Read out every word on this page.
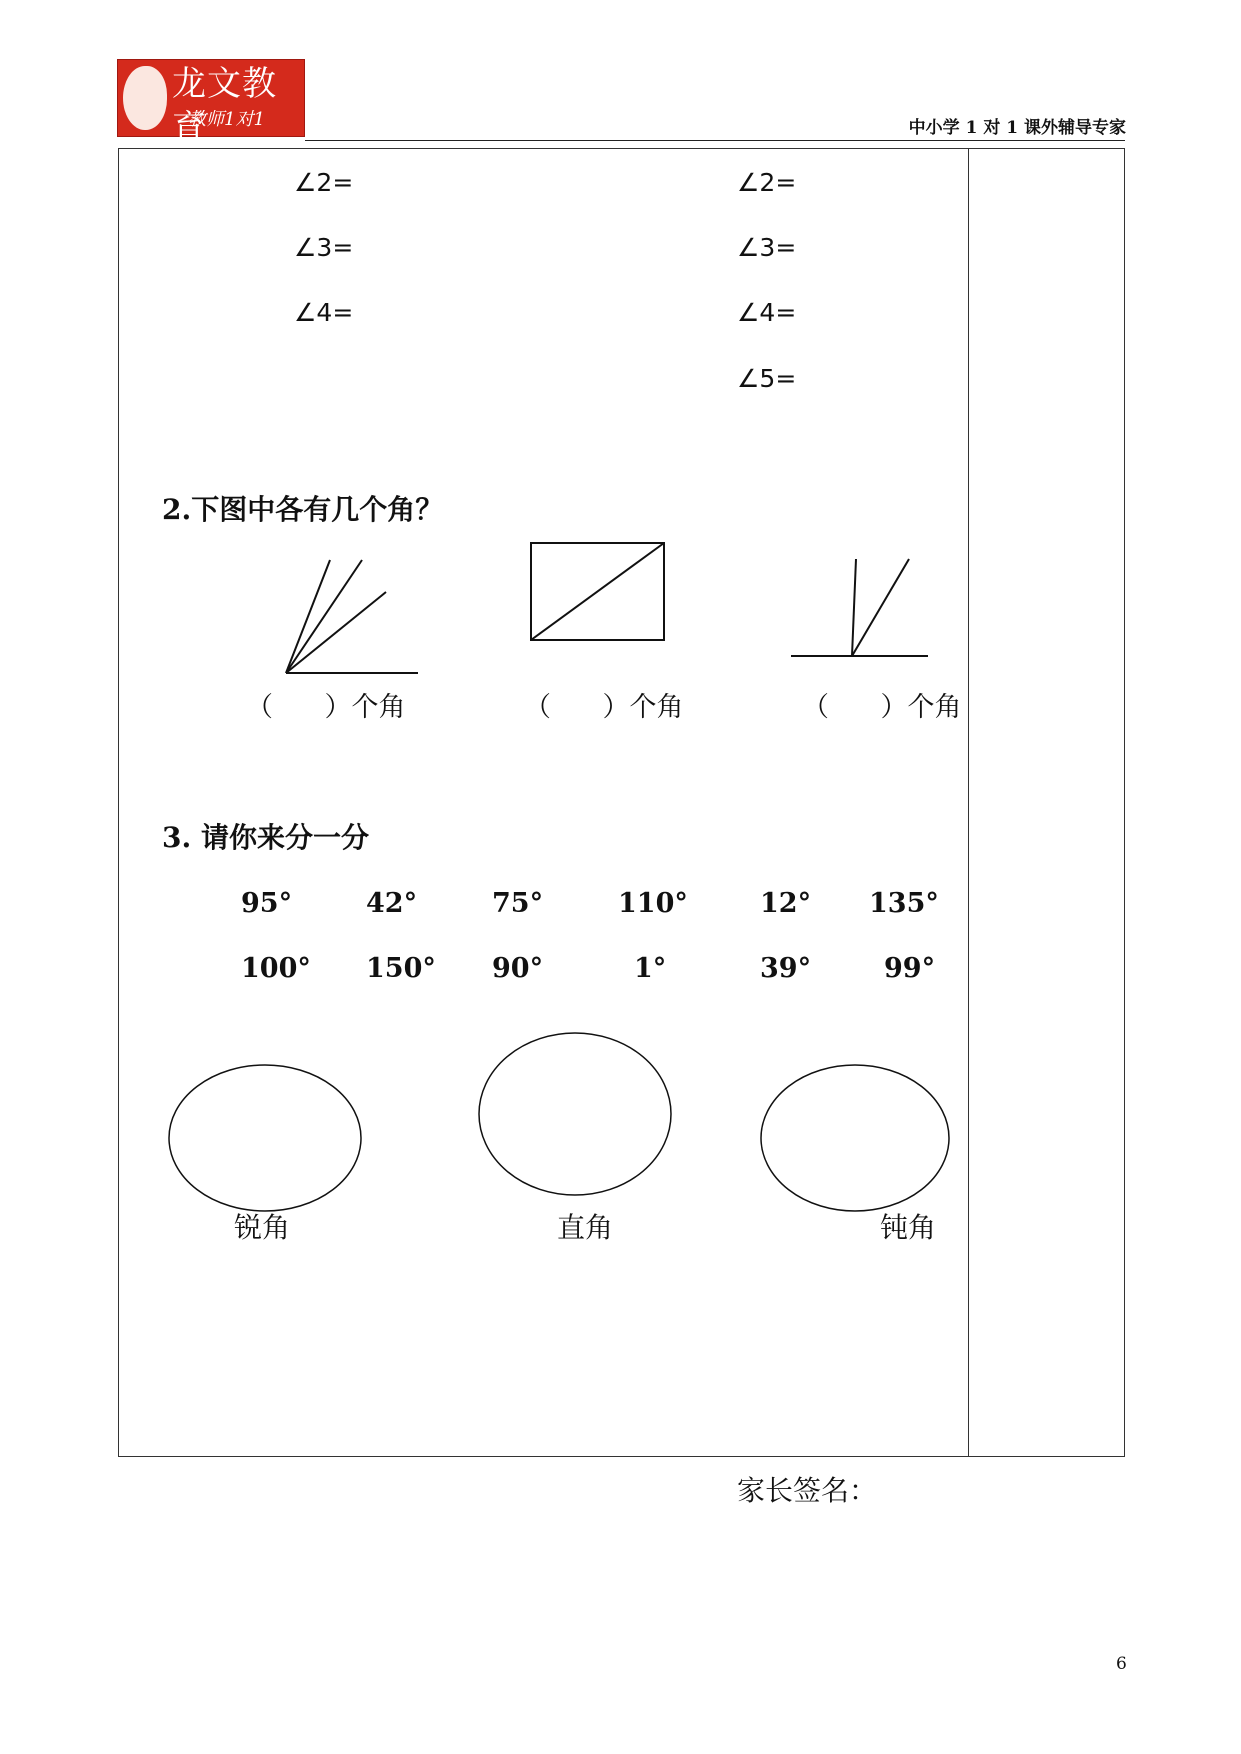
龙文教育
教师1对1	中小学 1 对 1 课外辅导专家
∠2=
∠3=
∠4=
∠2=
∠3=
∠4=
∠5=
2.下图中各有几个角？
（      ）个角	（      ）个角	（      ）个角
3. 请你来分一分
95°	42°	75°	110°	12° 135°
100° 150° 90°	1°	39°	99°
锐角	直角	钝角
家长签名：
6
